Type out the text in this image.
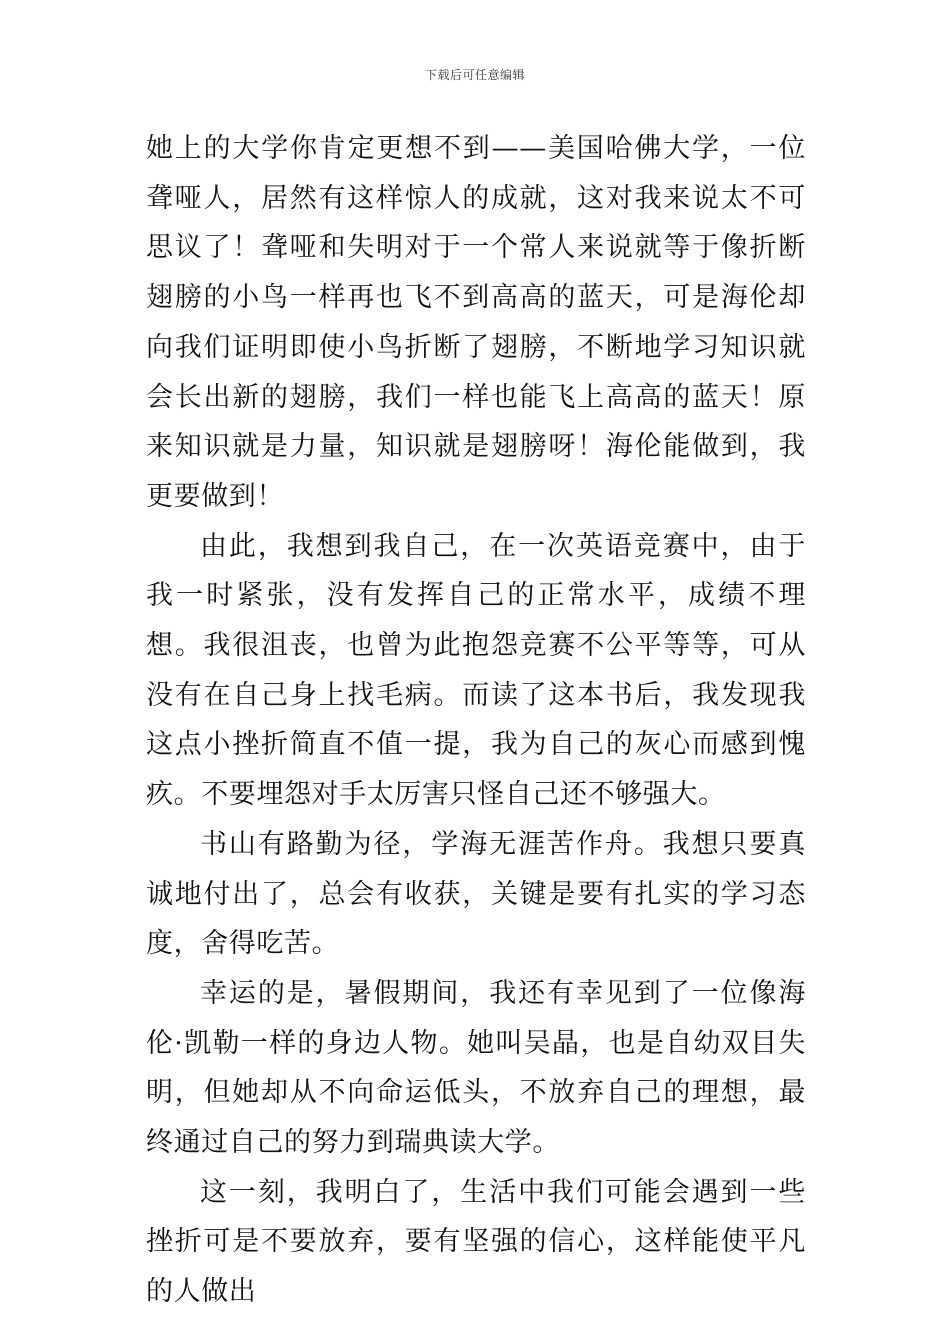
下载后可任意编辑

她上的大学你肯定更想不到——美国哈佛大学，一位聋哑人，居然有这样惊人的成就，这对我来说太不可思议了！聋哑和失明对于一个常人来说就等于像折断翅膀的小鸟一样再也飞不到高高的蓝天，可是海伦却向我们证明即使小鸟折断了翅膀，不断地学习知识就会长出新的翅膀，我们一样也能飞上高高的蓝天！原来知识就是力量，知识就是翅膀呀！海伦能做到，我更要做到！

由此，我想到我自己，在一次英语竞赛中，由于我一时紧张，没有发挥自己的正常水平，成绩不理想。我很沮丧，也曾为此抱怨竞赛不公平等等，可从没有在自己身上找毛病。而读了这本书后，我发现我这点小挫折简直不值一提，我为自己的灰心而感到愧疚。不要埋怨对手太厉害只怪自己还不够强大。

书山有路勤为径，学海无涯苦作舟。我想只要真诚地付出了，总会有收获，关键是要有扎实的学习态度，舍得吃苦。

幸运的是，暑假期间，我还有幸见到了一位像海伦·凯勒一样的身边人物。她叫吴晶，也是自幼双目失明，但她却从不向命运低头，不放弃自己的理想，最终通过自己的努力到瑞典读大学。

这一刻，我明白了，生活中我们可能会遇到一些挫折可是不要放弃，要有坚强的信心，这样能使平凡的人做出
